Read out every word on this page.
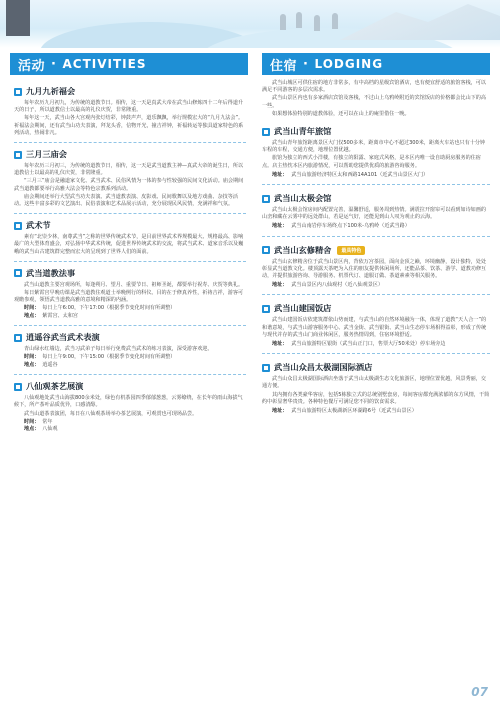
活动 · ACTIVITIES	住宿 · LODGING
九月九祈福会

每年农历九月初九，为传统的道教节日。相传，这一天是真武大帝在武当山修炼四十二年后得道升天的日子，所以道教信士以最高的礼仪庆贺，非常隆重。

每年这一天，武当山各大宫观内张灯结彩，钟鼓声声，道乐飘飘，举行规模宏大的“九月九法会”。祈福法会期间，还有武当山功夫表演，拜龙头香，信物开光，撞吉祥钟，祈福转运等独具道家特色的系列活动，热闹非凡。

三月三庙会

每年农历三月初三，为传统的道教节日，相传，这一天是武当道教主神—真武大帝的诞生日，所以道教信士以最高的礼仪庆贺，非常隆重。

“三月三”庙会是融道家文化、武当武术、民俗风情为一体的参与性较强的民间文化活动。庙会期间武当道教都要举行高雅大法会等特色宗教系列活动。

庙会期间还举行大型武当功夫表演、武当道教表演、皮影戏、民间歌舞以及地方戏曲、杂技等活动。这些丰富多彩的文艺演出、民俗表演和艺术品展示活动，充分展现民风民情，充满祥和气氛。

武术节

素有“北崇少林，南尊武当”之称的世界传统武术节，是目前世界武术界规模最大、规格最高、影响最广的大型体育盛会，对弘扬中华武术传统，促进世界传统武术的交流，将武当武术、道家音乐以及巍峨的武当山古建筑群完整而宏大的呈现到了世界人们的面前。

武当道教法事

武当山道教主要宫观场所，每逢朔月、望月、重要节日、祖师圣诞，都要举行祝寿、庆贺等典礼。

每日紫霄宫早晚功课是武当道教住观道士举晚例行的科仪。目的在于修真养性，祈祷吉祥，游客可观瞻参观，领悟武当道教高雅的意境和精深的内涵。

时间： 每日上午6:00，下午17:00（根据季节变化时间有所调整）
地点： 紫霄宫、太和宫
逍遥谷武当武术表演

青山绿水红墙边，武当习武弟子每日举行免费武当武术的练习表演，深受游客欢迎。

时间： 每日上午9:00，下午15:00（根据季节变化时间有所调整）
地点： 逍遥谷
八仙观茶艺展演

八仙观地处武当山海拔800余米处，绿色有机茶园四季郁郁葱葱，云雾缭绕，在长年的雨山海拔气候下，所产茶叶品质优异，口感清醇。

武当山道茶表演团，每日在八仙观茶场举办茶艺展演，可观赏也可现场品尝。

时间： 常年
地点： 八仙观

武当山城区可供住宿的地方非常多，有中高档的星级宾馆酒店，也有便宜舒适的旅馆客栈，可以满足不同游客的多层次需求。

武当山景区内也有多家酒店宾馆及客栈，不过山上乌鸦岭附近的宾馆饭店的价格都会比山下的高一些。

如果想体验特别的道教体验，还可以在山上的庵里借住一晚。

武当山青年旅馆

武当山青年旅馆距离景区大门仅500多米，距离市中心不超过300米，距离火车站也只有十分钟车程的车程，交通方便，地理位置优越。

旅馆为独立的西式小洋楼，有独立的阳露、家庭式风格，是本区内唯一设自助厨房服务的住宿点。店主热忱本区内旅游情况，可以帮助您提供优质的旅游咨询服务。

地址： 武当山旅游经济特区太和西路14A101（近武当山景区大门）
武当山太极会馆

武当山太极会馆房间内配置完善，温馨舒适，服务周到热情。满震拉开窗帘可以看到如诗如画的山峦和藏在云雾中的远处群山，若是运气好，还能见到山人叹为观止的云海。

地址： 武当山南岩停车场终点下100米-乌鸦岭（近武当路）
武当山玄修精舍	最具特色

武当山玄修精舍位于武当山景区内，背依万宫茶园，面向金顶之巅，环境幽静，设计独特，处处彰显武当道教文化。楼顶露天茶吧为入住的朋友提供休闲场所，还能品茶、饮茶、游学、道教功修互动，并提供旅游咨询、导游服务、机票代订、道服订做、茶道素素等相关服务。

地址： 武当山景区内八仙观村（近八仙观景区）
武当山建国饭店

武当山建国饭店依建筑群依山势而建，与武当山的自然环境融为一体，体现了道教“天人合一”的和谐意境，与武当山游客服务中心、武当金街、武当银街、武当山生态停车场相得益彰，形成了传统与现代并存的武当山门商业休闲区，服务热情周到，住宿环境舒适。

地址： 武当山旅游特区银街（武当山正门口，售票大厅50米处）停车场旁边
武当山众昌太极湖国际酒店

武当山众昌太极湖国际酒店坐落于武当山太极湖生态文化旅游区，地理位置优越，风景秀丽，交通方便。

其内拥有各类豪华客房，包括5栋独立式的总统别墅套房，每间客房都充满浓郁的东方风情，干简约中彰显奢华贵贵。各种特色餐厅可满足您不同的饮食需求。

地址： 武当山旅游特区太极湖新区环湖路6号（近武当山景区）
07
